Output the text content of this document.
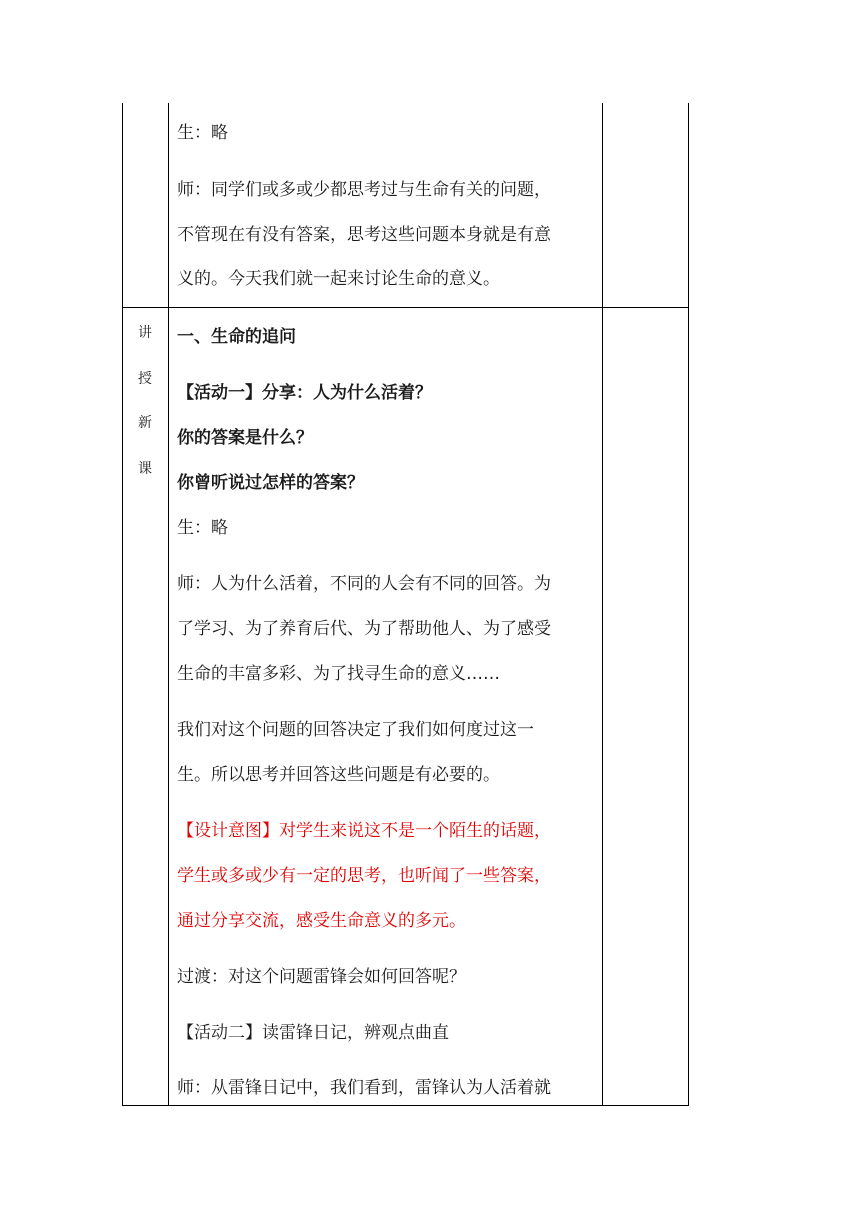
讲
授
新
课
生：略
师：同学们或多或少都思考过与生命有关的问题，
不管现在有没有答案，思考这些问题本身就是有意
义的。今天我们就一起来讨论生命的意义。
一、生命的追问
【活动一】分享：人为什么活着？
你的答案是什么？
你曾听说过怎样的答案？
生：略
师：人为什么活着，不同的人会有不同的回答。为
了学习、为了养育后代、为了帮助他人、为了感受
生命的丰富多彩、为了找寻生命的意义……
我们对这个问题的回答决定了我们如何度过这一
生。所以思考并回答这些问题是有必要的。
【设计意图】对学生来说这不是一个陌生的话题，
学生或多或少有一定的思考，也听闻了一些答案，
通过分享交流，感受生命意义的多元。
过渡：对这个问题雷锋会如何回答呢？
【活动二】读雷锋日记，辨观点曲直
师：从雷锋日记中，我们看到，雷锋认为人活着就
